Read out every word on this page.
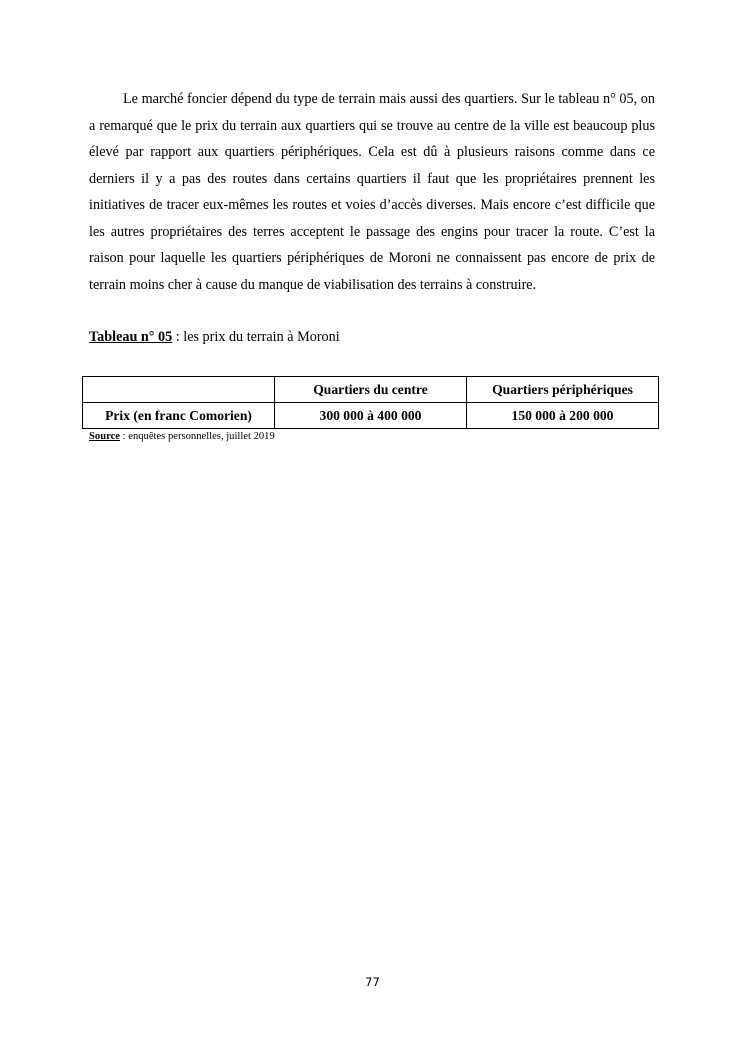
Le marché foncier dépend du type de terrain mais aussi des quartiers. Sur le tableau n° 05, on a remarqué que le prix du terrain aux quartiers qui se trouve au centre de la ville est beaucoup plus élevé par rapport aux quartiers périphériques. Cela est dû à plusieurs raisons comme dans ce derniers il y a pas des routes dans certains quartiers il faut que les propriétaires prennent les initiatives de tracer eux-mêmes les routes et voies d’accès diverses. Mais encore c’est difficile que les autres propriétaires des terres acceptent le passage des engins pour tracer la route. C’est la raison pour laquelle les quartiers périphériques de Moroni ne connaissent pas encore de prix de terrain moins cher à cause du manque de viabilisation des terrains à construire.

Tableau n° 05 : les prix du terrain à Moroni

	Quartiers du centre	Quartiers périphériques
Prix (en franc Comorien)	300 000 à 400 000	150 000 à 200 000

Source : enquêtes personnelles, juillet 2019

77
